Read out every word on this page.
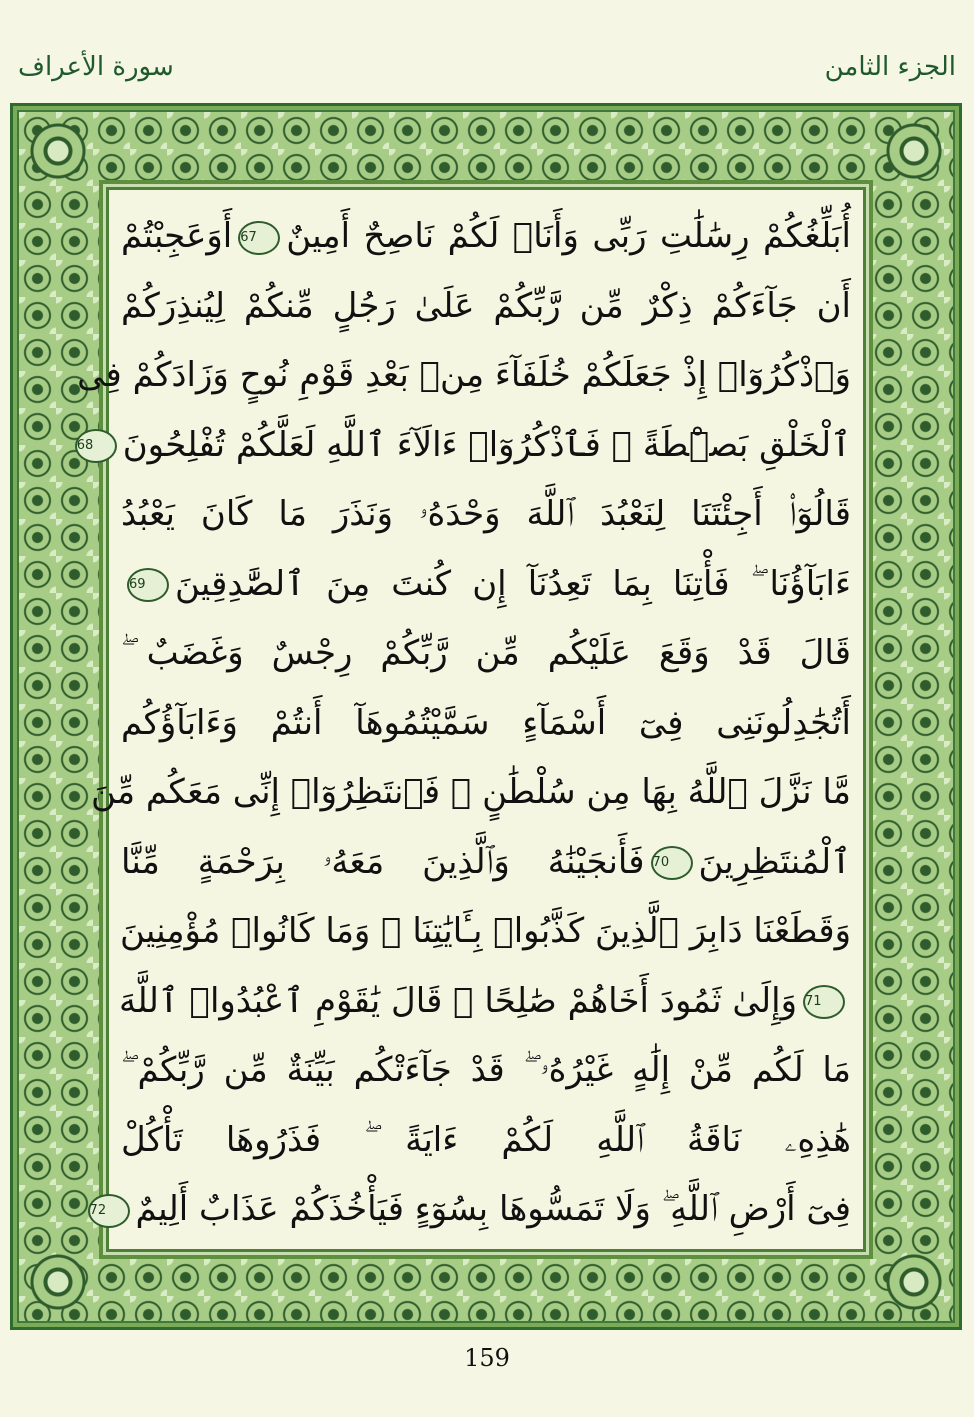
الجزء الثامن
سورة الأعراف
أُبَلِّغُكُمْ رِسَٰلَٰتِ رَبِّى وَأَنَا۠ لَكُمْ نَاصِحٌ أَمِينٌ67أَوَعَجِبْتُمْ
أَن جَآءَكُمْ ذِكْرٌ مِّن رَّبِّكُمْ عَلَىٰ رَجُلٍ مِّنكُمْ لِيُنذِرَكُمْ
وَٱذْكُرُوٓا۟ إِذْ جَعَلَكُمْ خُلَفَآءَ مِنۢ بَعْدِ قَوْمِ نُوحٍ وَزَادَكُمْ فِى
ٱلْخَلْقِ بَصْۜطَةً ۖ فَٱذْكُرُوٓا۟ ءَالَآءَ ٱللَّهِ لَعَلَّكُمْ تُفْلِحُونَ68
قَالُوٓا۟ أَجِئْتَنَا لِنَعْبُدَ ٱللَّهَ وَحْدَهُۥ وَنَذَرَ مَا كَانَ يَعْبُدُ
ءَابَآؤُنَا ۖ فَأْتِنَا بِمَا تَعِدُنَآ إِن كُنتَ مِنَ ٱلصَّٰدِقِينَ69
قَالَ قَدْ وَقَعَ عَلَيْكُم مِّن رَّبِّكُمْ رِجْسٌ وَغَضَبٌ ۖ
أَتُجَٰدِلُونَنِى فِىٓ أَسْمَآءٍ سَمَّيْتُمُوهَآ أَنتُمْ وَءَابَآؤُكُم
مَّا نَزَّلَ ٱللَّهُ بِهَا مِن سُلْطَٰنٍ ۚ فَٱنتَظِرُوٓا۟ إِنِّى مَعَكُم مِّنَ
ٱلْمُنتَظِرِينَ70فَأَنجَيْنَٰهُ وَٱلَّذِينَ مَعَهُۥ بِرَحْمَةٍ مِّنَّا
وَقَطَعْنَا دَابِرَ ٱلَّذِينَ كَذَّبُوا۟ بِـَٔايَٰتِنَا ۖ وَمَا كَانُوا۟ مُؤْمِنِينَ
71وَإِلَىٰ ثَمُودَ أَخَاهُمْ صَٰلِحًا ۗ قَالَ يَٰقَوْمِ ٱعْبُدُوا۟ ٱللَّهَ
مَا لَكُم مِّنْ إِلَٰهٍ غَيْرُهُۥ ۖ قَدْ جَآءَتْكُم بَيِّنَةٌ مِّن رَّبِّكُمْ ۖ
هَٰذِهِۦ نَاقَةُ ٱللَّهِ لَكُمْ ءَايَةً ۖ فَذَرُوهَا تَأْكُلْ
فِىٓ أَرْضِ ٱللَّهِ ۖ وَلَا تَمَسُّوهَا بِسُوٓءٍ فَيَأْخُذَكُمْ عَذَابٌ أَلِيمٌ72
159
